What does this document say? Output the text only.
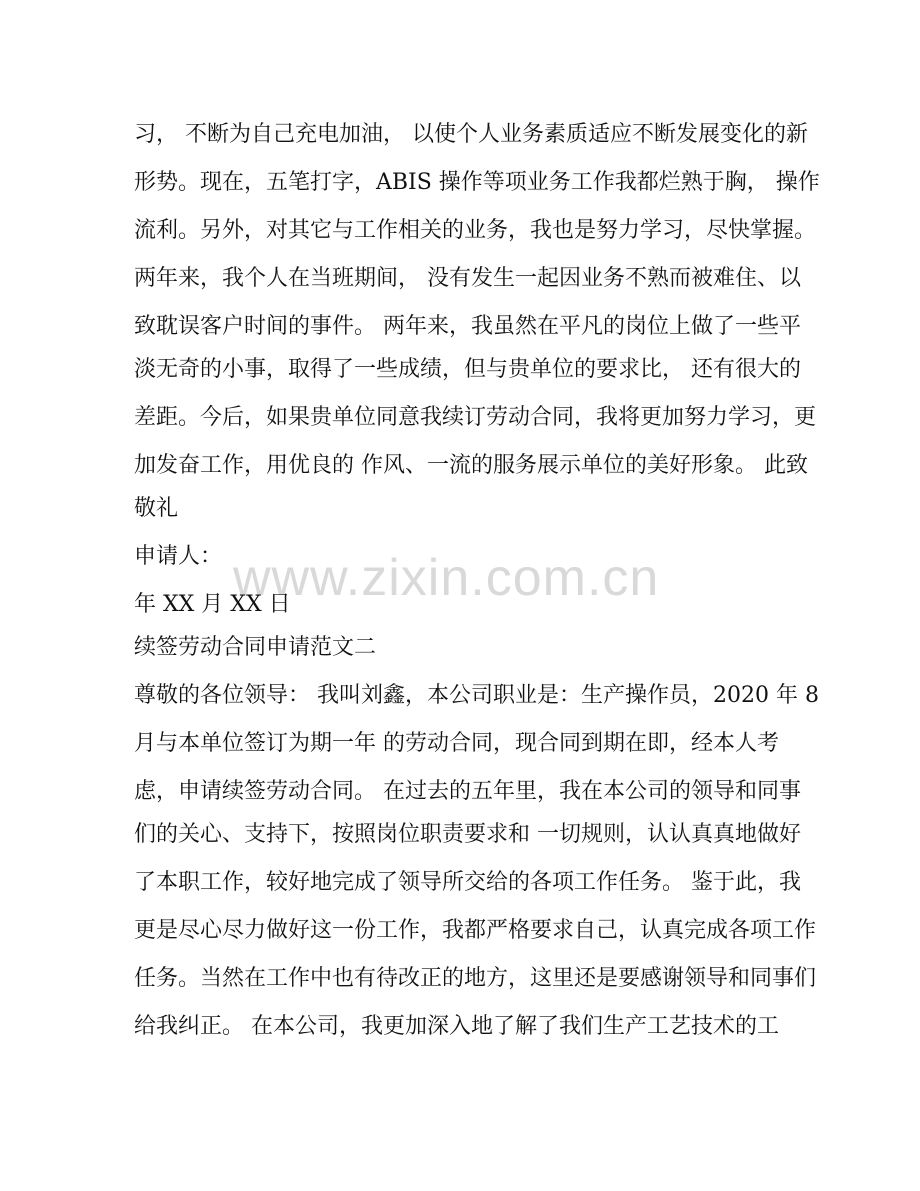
www.zixin.com.cn
习， 不断为自己充电加油， 以使个人业务素质适应不断发展变化的新
形势。现在，五笔打字，ABIS 操作等项业务工作我都烂熟于胸， 操作
流利。另外，对其它与工作相关的业务，我也是努力学习，尽快掌握。
两年来，我个人在当班期间， 没有发生一起因业务不熟而被难住、以
致耽误客户时间的事件。 两年来，我虽然在平凡的岗位上做了一些平
淡无奇的小事，取得了一些成绩，但与贵单位的要求比， 还有很大的
差距。今后，如果贵单位同意我续订劳动合同，我将更加努力学习，更
加发奋工作，用优良的 作风、一流的服务展示单位的美好形象。 此致
敬礼
申请人：
年 XX 月 XX 日
续签劳动合同申请范文二
尊敬的各位领导： 我叫刘鑫，本公司职业是：生产操作员，2020 年 8
月与本单位签订为期一年 的劳动合同，现合同到期在即，经本人考
虑，申请续签劳动合同。 在过去的五年里，我在本公司的领导和同事
们的关心、支持下，按照岗位职责要求和 一切规则，认认真真地做好
了本职工作，较好地完成了领导所交给的各项工作任务。 鉴于此，我
更是尽心尽力做好这一份工作，我都严格要求自己，认真完成各项工作
任务。当然在工作中也有待改正的地方，这里还是要感谢领导和同事们
给我纠正。 在本公司，我更加深入地了解了我们生产工艺技术的工
